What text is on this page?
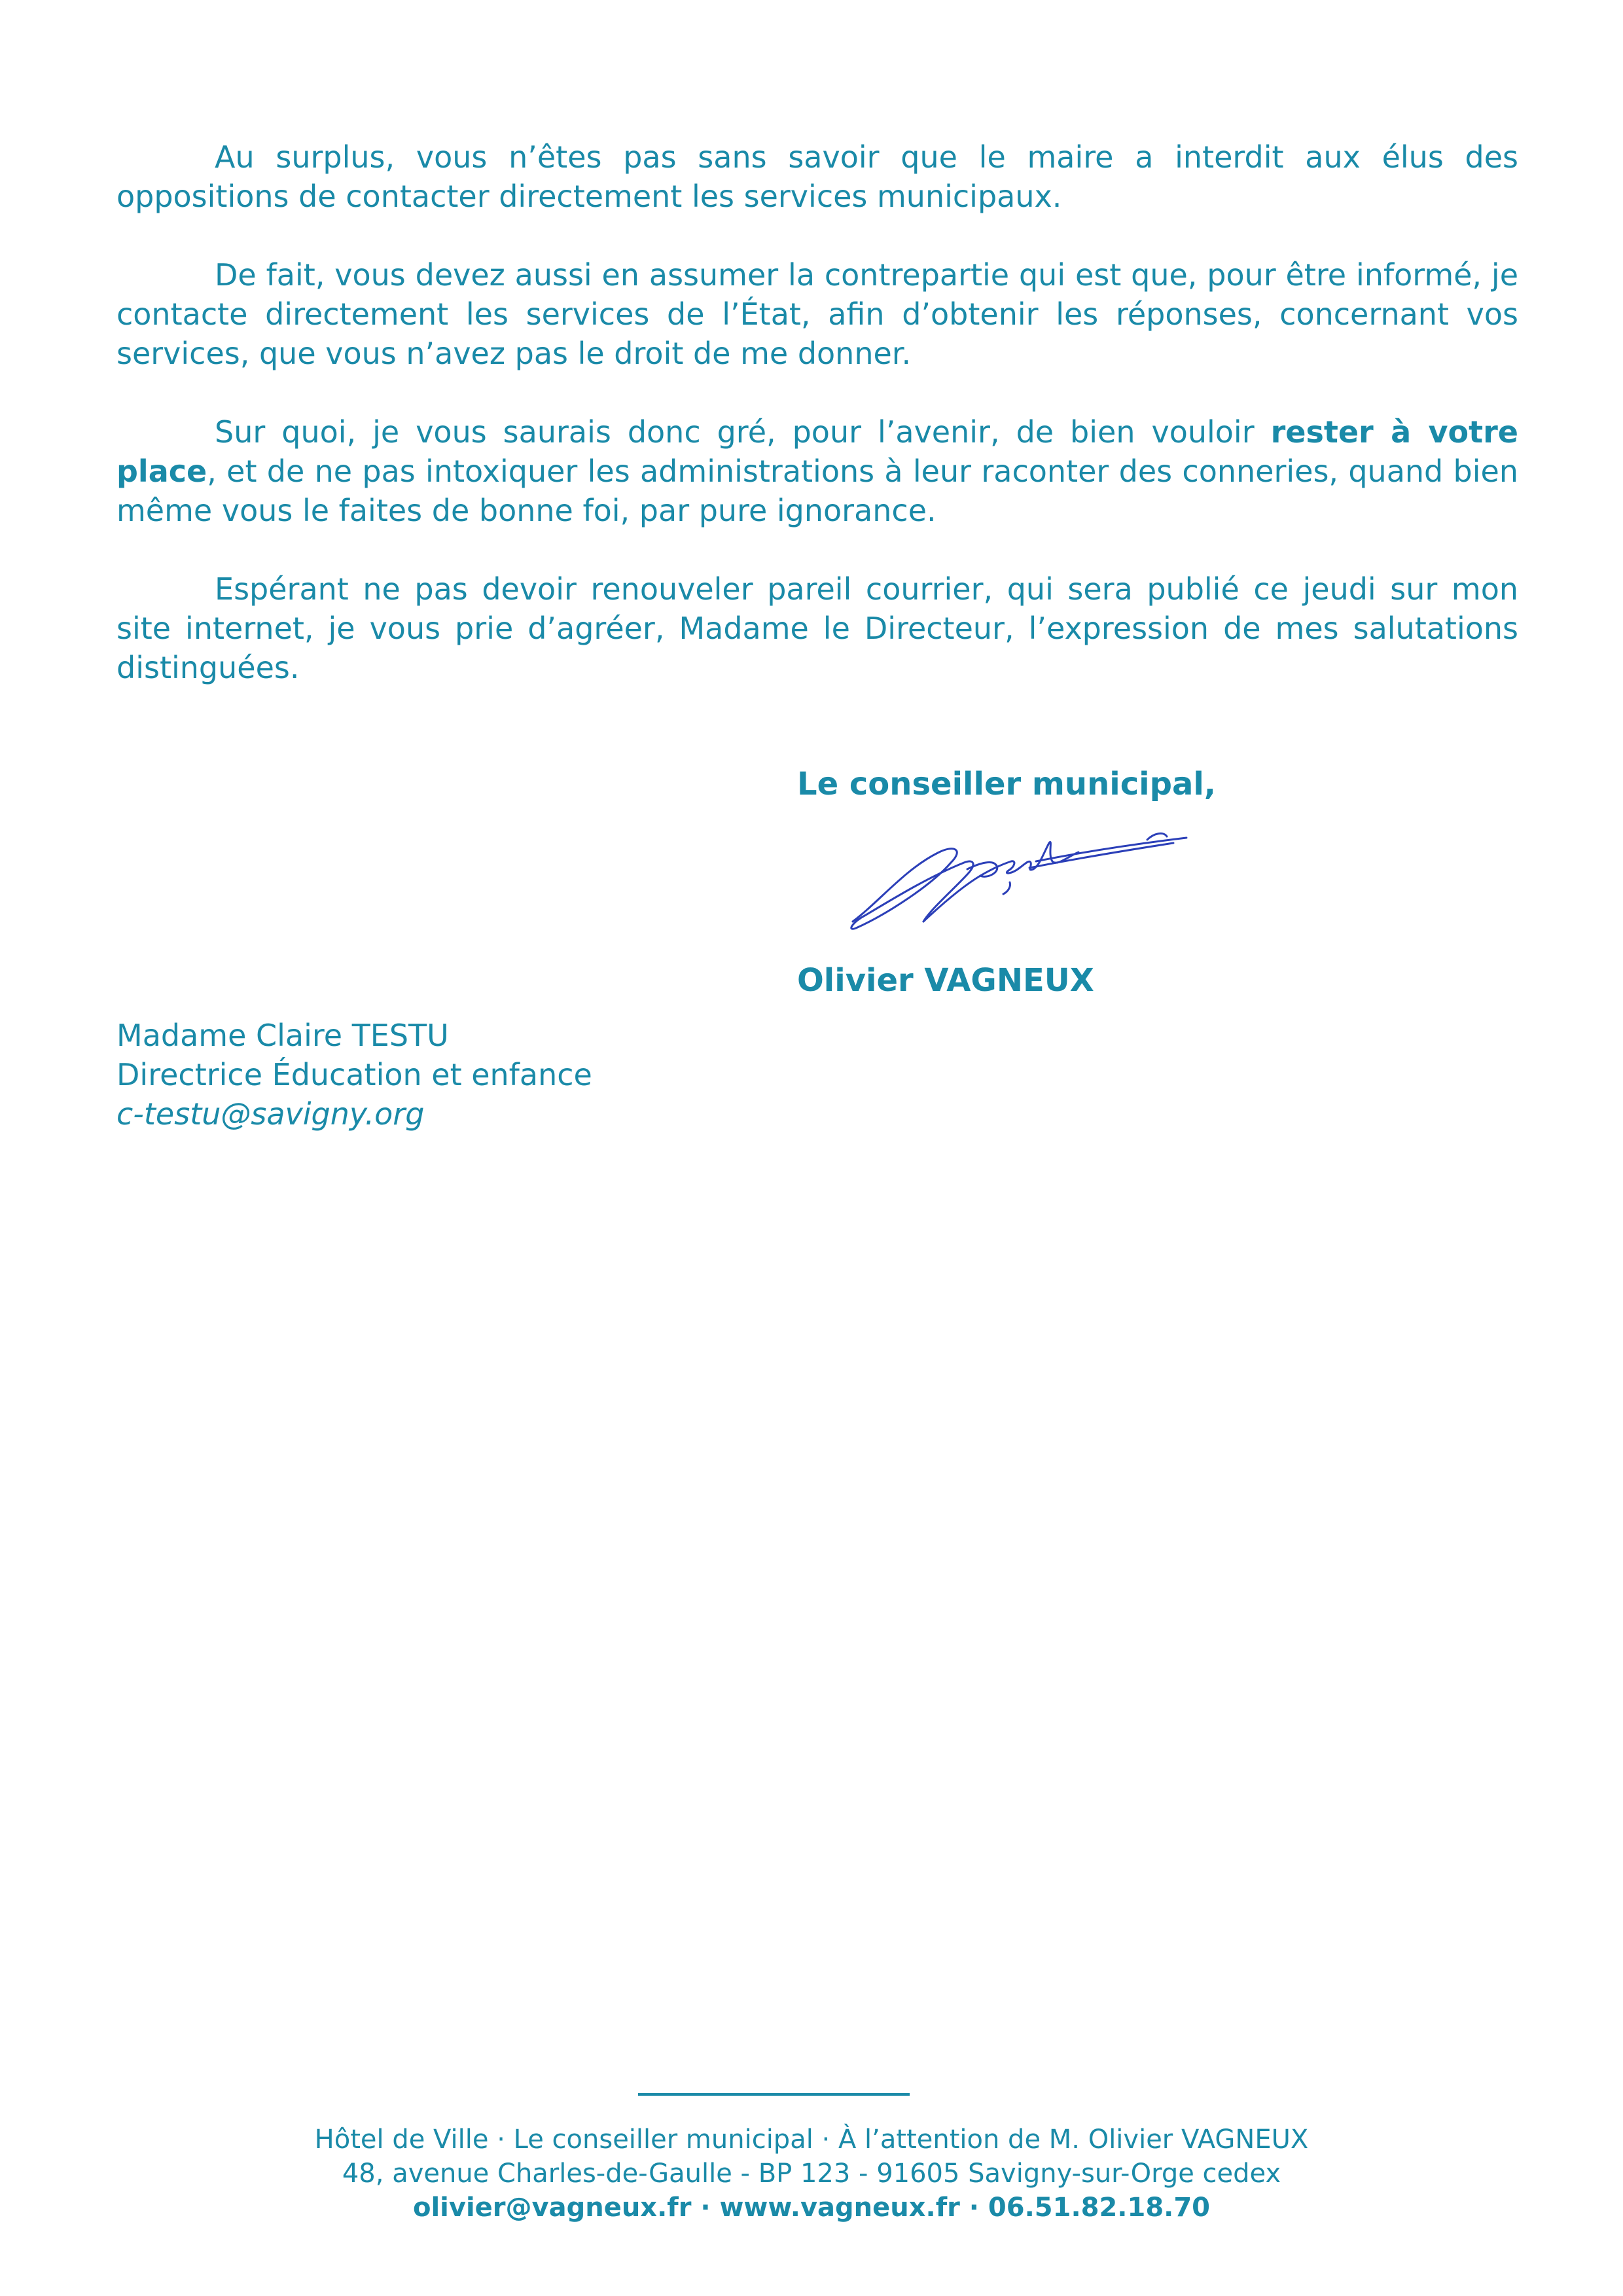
Au surplus, vous n’êtes pas sans savoir que le maire a interdit aux élus des oppositions de contacter directement les services municipaux.

De fait, vous devez aussi en assumer la contrepartie qui est que, pour être informé, je contacte directement les services de l’État, afin d’obtenir les réponses, concernant vos services, que vous n’avez pas le droit de me donner.

Sur quoi, je vous saurais donc gré, pour l’avenir, de bien vouloir rester à votre place, et de ne pas intoxiquer les administrations à leur raconter des conneries, quand bien même vous le faites de bonne foi, par pure ignorance.

Espérant ne pas devoir renouveler pareil courrier, qui sera publié ce jeudi sur mon site internet, je vous prie d’agréer, Madame le Directeur, l’expression de mes salutations distinguées.

Le conseiller municipal,

Olivier VAGNEUX

Madame Claire TESTU
Directrice Éducation et enfance
c-testu@savigny.org
Hôtel de Ville · Le conseiller municipal · À l’attention de M. Olivier VAGNEUX
48, avenue Charles-de-Gaulle - BP 123 - 91605 Savigny-sur-Orge cedex
olivier@vagneux.fr · www.vagneux.fr · 06.51.82.18.70
